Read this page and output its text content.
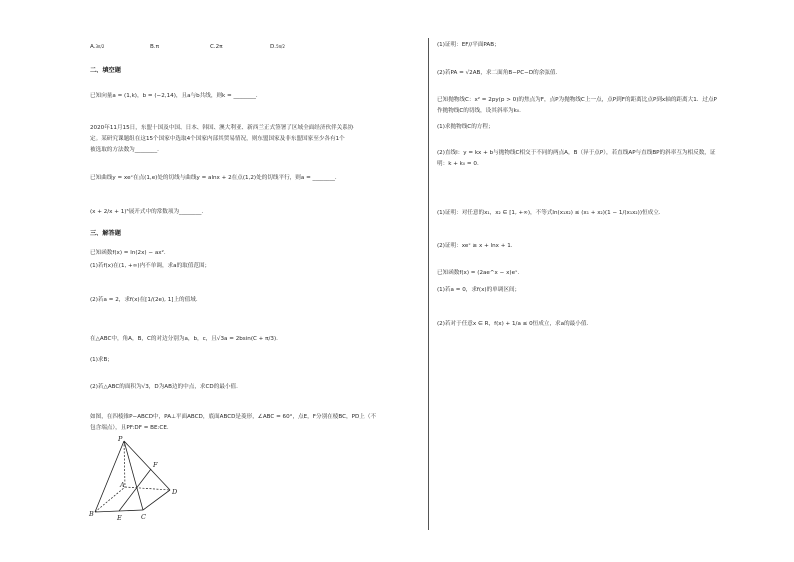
A.3π/2	B.π	C.2π	D.5π/2
二、填空题
已知向量a = (1,k)，b = (−2,14)，且a与b共线，则k = ________.
2020年11月15日，东盟十国及中国、日本、韩国、澳大利亚、新西兰正式签署了区域全面经济伙伴关系协
定。某研究课题组在这15个国家中选取4个国家内部其贸易情况，则东盟国家及非东盟国家至少各有1个
被选取的方法数为________.
已知曲线y = xeˣ在点(1,e)处的切线与曲线y = alnx + 2在点(1,2)处的切线平行，则a = ________.
(x + 2/x + 1)⁵展开式中的常数项为________.
三、解答题
已知函数f(x) = ln(2x) − ax².
(1)若f(x)在(1, +∞)内不单调，求a的取值范围；
(2)若a = 2，求f(x)在[1/(2e), 1]上的值域.
在△ABC中，角A，B，C的对边分别为a，b，c，且√3a = 2bsin(C + π/3).
(1)求B；
(2)若△ABC的面积为√3，D为AB边的中点，求CD的最小值.
如图，在四棱锥P−ABCD中，PA⊥平面ABCD，底面ABCD是菱形，∠ABC = 60°，点E，F分别在棱BC，PD上（不
包含端点），且PF:DF = BE:CE.
P
F
A
D
B	E	C
(1)证明：EF//平面PAB；
(2)若PA = √2AB，求二面角B−PC−D的余弦值.
已知抛物线C：x² = 2py(p > 0)的焦点为F，点P为抛物线C上一点，点P到F的距离比点P到x轴的距离大1．过点P
作抛物线C的切线，设其斜率为k₀.
(1)求抛物线C的方程；
(2)直线l：y = kx + b与抛物线C相交于不同的两点A，B（异于点P），若直线AP与直线BP的斜率互为相反数，证
明：k + k₀ = 0.
(1)证明：对任意的x₁，x₂ ∈ [1, +∞)，不等式ln(x₁x₂) ≤ (x₁ + x₂)(1 − 1/(x₁x₂))恒成立.
(2)证明：xeˣ ≥ x + lnx + 1.
已知函数f(x) = (2ae^x − x)eˣ.
(1)若a = 0，求f(x)的单调区间；
(2)若对于任意x ∈ R，f(x) + 1/a ≤ 0恒成立，求a的最小值.
